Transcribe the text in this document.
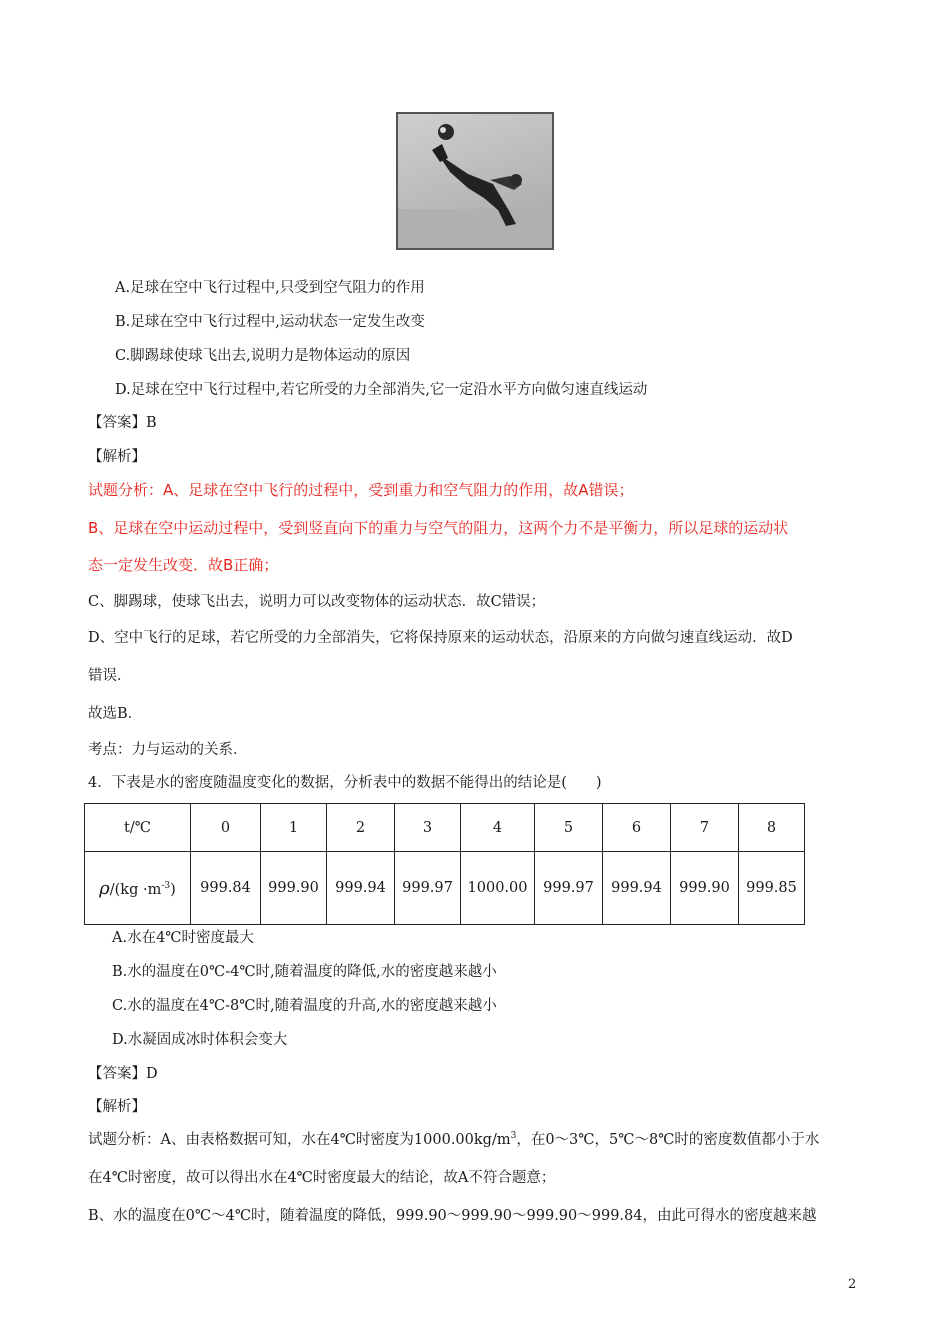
A.足球在空中飞行过程中,只受到空气阻力的作用
B.足球在空中飞行过程中,运动状态一定发生改变
C.脚踢球使球飞出去,说明力是物体运动的原因
D.足球在空中飞行过程中,若它所受的力全部消失,它一定沿水平方向做匀速直线运动
【答案】B
【解析】
试题分析：A、足球在空中飞行的过程中，受到重力和空气阻力的作用，故A错误；
B、足球在空中运动过程中，受到竖直向下的重力与空气的阻力，这两个力不是平衡力，所以足球的运动状
态一定发生改变．故B正确；
C、脚踢球，使球飞出去，说明力可以改变物体的运动状态．故C错误；
D、空中飞行的足球，若它所受的力全部消失，它将保持原来的运动状态，沿原来的方向做匀速直线运动．故D
错误．
故选B．
考点：力与运动的关系．
4．下表是水的密度随温度变化的数据，分析表中的数据不能得出的结论是(　　)
t/℃	0	1	2	3	4	5	6	7	8
$\rho/(kg \cdot m^{-3})$	999.84	999.90	999.94	999.97	1000.00	999.97	999.94	999.90	999.85
A.水在4℃时密度最大
B.水的温度在0℃-4℃时,随着温度的降低,水的密度越来越小
C.水的温度在4℃-8℃时,随着温度的升高,水的密度越来越小
D.水凝固成冰时体积会变大
【答案】D
【解析】
试题分析：A、由表格数据可知，水在4℃时密度为$1000.00kg/m^3$，在0～3℃，5℃～8℃时的密度数值都小于水
在4℃时密度，故可以得出水在4℃时密度最大的结论，故A不符合题意；
B、水的温度在0℃～4℃时，随着温度的降低，999.90～999.90～999.90～999.84，由此可得水的密度越来越
2
